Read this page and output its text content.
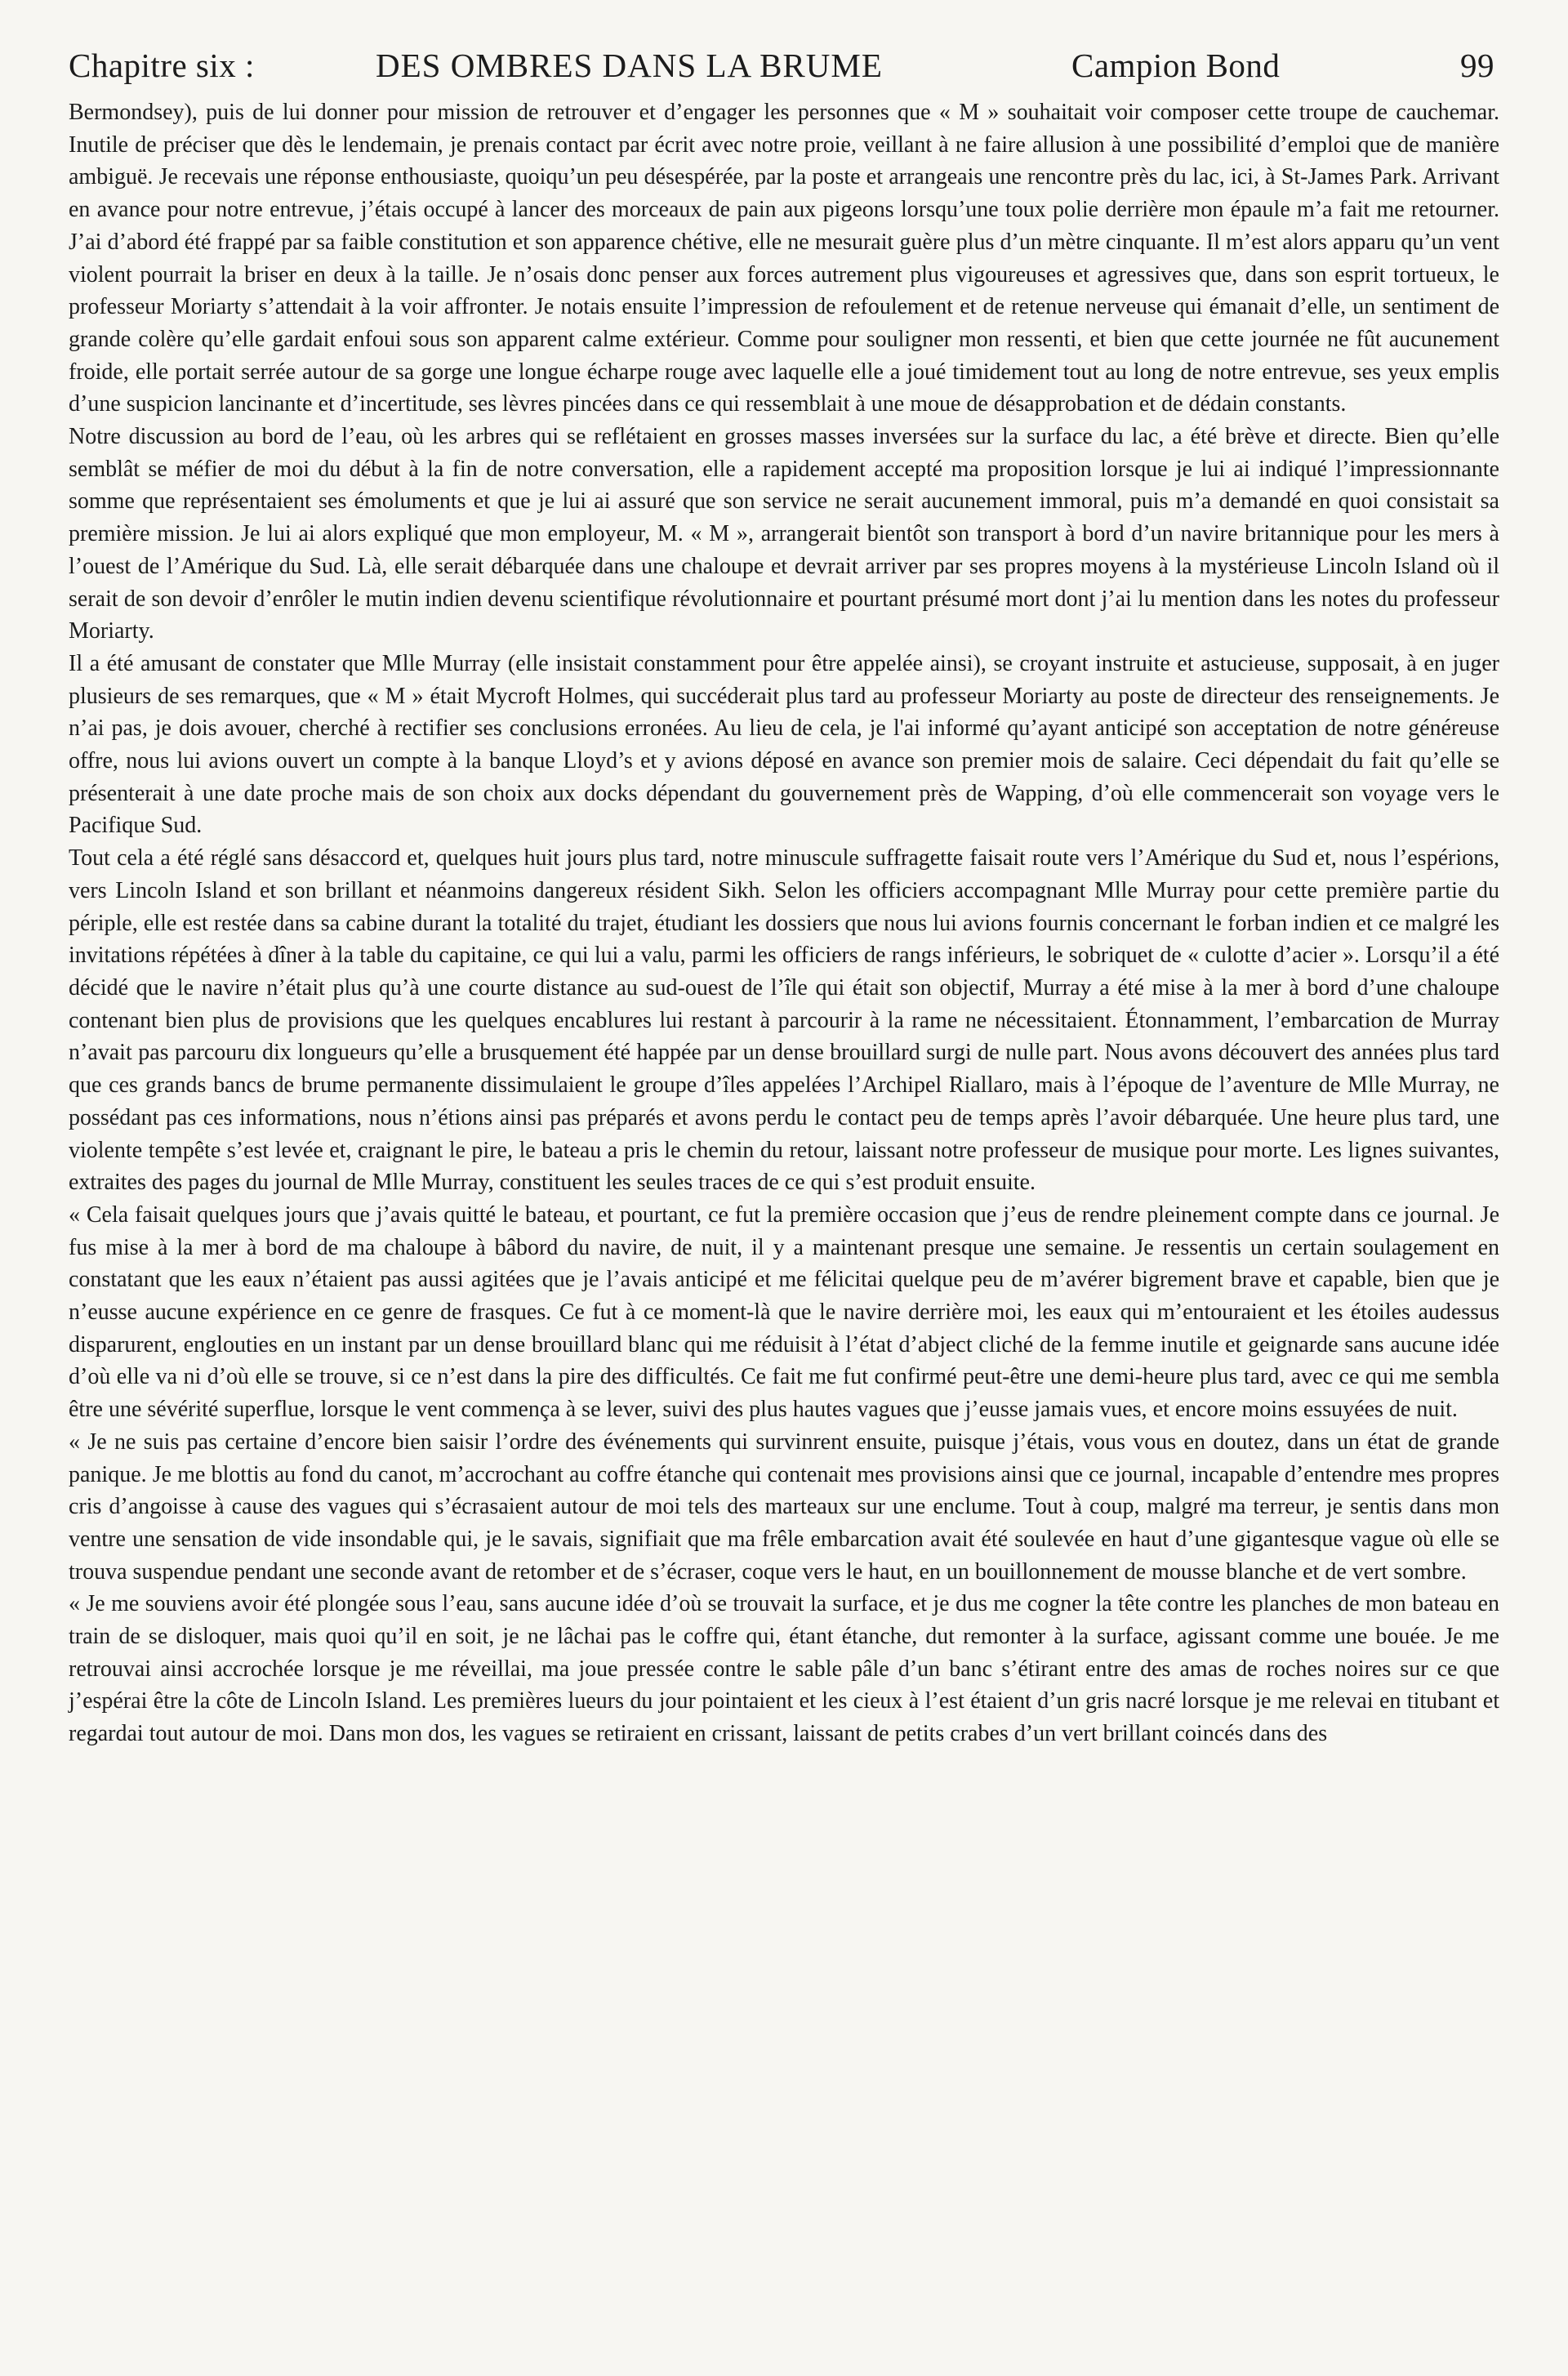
Chapitre six :	DES OMBRES DANS LA BRUME	Campion Bond	99

Bermondsey), puis de lui donner pour mission de retrouver et d’engager les personnes que « M » souhaitait voir composer cette troupe de cauchemar. Inutile de préciser que dès le lendemain, je prenais contact par écrit avec notre proie, veillant à ne faire allusion à une possibilité d’emploi que de manière ambiguë. Je recevais une réponse enthousiaste, quoiqu’un peu désespérée, par la poste et arrangeais une rencontre près du lac, ici, à St-James Park. Arrivant en avance pour notre entrevue, j’étais occupé à lancer des morceaux de pain aux pigeons lorsqu’une toux polie derrière mon épaule m’a fait me retourner. J’ai d’abord été frappé par sa faible constitution et son apparence chétive, elle ne mesurait guère plus d’un mètre cinquante. Il m’est alors apparu qu’un vent violent pourrait la briser en deux à la taille. Je n’osais donc penser aux forces autrement plus vigoureuses et agressives que, dans son esprit tortueux, le professeur Moriarty s’attendait à la voir affronter. Je notais ensuite l’impression de refoulement et de retenue nerveuse qui émanait d’elle, un sentiment de grande colère qu’elle gardait enfoui sous son apparent calme extérieur. Comme pour souligner mon ressenti, et bien que cette journée ne fût aucunement froide, elle portait serrée autour de sa gorge une longue écharpe rouge avec laquelle elle a joué timidement tout au long de notre entrevue, ses yeux emplis d’une suspicion lancinante et d’incertitude, ses lèvres pincées dans ce qui ressemblait à une moue de désapprobation et de dédain constants.

Notre discussion au bord de l’eau, où les arbres qui se reflétaient en grosses masses inversées sur la surface du lac, a été brève et directe. Bien qu’elle semblât se méfier de moi du début à la fin de notre conversation, elle a rapidement accepté ma proposition lorsque je lui ai indiqué l’impressionnante somme que représentaient ses émoluments et que je lui ai assuré que son service ne serait aucunement immoral, puis m’a demandé en quoi consistait sa première mission. Je lui ai alors expliqué que mon employeur, M. « M », arrangerait bientôt son transport à bord d’un navire britannique pour les mers à l’ouest de l’Amérique du Sud. Là, elle serait débarquée dans une chaloupe et devrait arriver par ses propres moyens à la mystérieuse Lincoln Island où il serait de son devoir d’enrôler le mutin indien devenu scientifique révolutionnaire et pourtant présumé mort dont j’ai lu mention dans les notes du professeur Moriarty.

Il a été amusant de constater que Mlle Murray (elle insistait constamment pour être appelée ainsi), se croyant instruite et astucieuse, supposait, à en juger plusieurs de ses remarques, que « M » était Mycroft Holmes, qui succéderait plus tard au professeur Moriarty au poste de directeur des renseignements. Je n’ai pas, je dois avouer, cherché à rectifier ses conclusions erronées. Au lieu de cela, je l'ai informé qu’ayant anticipé son acceptation de notre généreuse offre, nous lui avions ouvert un compte à la banque Lloyd’s et y avions déposé en avance son premier mois de salaire. Ceci dépendait du fait qu’elle se présenterait à une date proche mais de son choix aux docks dépendant du gouvernement près de Wapping, d’où elle commencerait son voyage vers le Pacifique Sud.

Tout cela a été réglé sans désaccord et, quelques huit jours plus tard, notre minuscule suffragette faisait route vers l’Amérique du Sud et, nous l’espérions, vers Lincoln Island et son brillant et néanmoins dangereux résident Sikh. Selon les officiers accompagnant Mlle Murray pour cette première partie du périple, elle est restée dans sa cabine durant la totalité du trajet, étudiant les dossiers que nous lui avions fournis concernant le forban indien et ce malgré les invitations répétées à dîner à la table du capitaine, ce qui lui a valu, parmi les officiers de rangs inférieurs, le sobriquet de « culotte d’acier ». Lorsqu’il a été décidé que le navire n’était plus qu’à une courte distance au sud-ouest de l’île qui était son objectif, Murray a été mise à la mer à bord d’une chaloupe contenant bien plus de provisions que les quelques encablures lui restant à parcourir à la rame ne nécessitaient. Étonnamment, l’embarcation de Murray n’avait pas parcouru dix longueurs qu’elle a brusquement été happée par un dense brouillard surgi de nulle part. Nous avons découvert des années plus tard que ces grands bancs de brume permanente dissimulaient le groupe d’îles appelées l’Archipel Riallaro, mais à l’époque de l’aventure de Mlle Murray, ne possédant pas ces informations, nous n’étions ainsi pas préparés et avons perdu le contact peu de temps après l’avoir débarquée. Une heure plus tard, une violente tempête s’est levée et, craignant le pire, le bateau a pris le chemin du retour, laissant notre professeur de musique pour morte. Les lignes suivantes, extraites des pages du journal de Mlle Murray, constituent les seules traces de ce qui s’est produit ensuite.

« Cela faisait quelques jours que j’avais quitté le bateau, et pourtant, ce fut la première occasion que j’eus de rendre pleinement compte dans ce journal. Je fus mise à la mer à bord de ma chaloupe à bâbord du navire, de nuit, il y a maintenant presque une semaine. Je ressentis un certain soulagement en constatant que les eaux n’étaient pas aussi agitées que je l’avais anticipé et me félicitai quelque peu de m’avérer bigrement brave et capable, bien que je n’eusse aucune expérience en ce genre de frasques. Ce fut à ce moment-là que le navire derrière moi, les eaux qui m’entouraient et les étoiles audessus disparurent, englouties en un instant par un dense brouillard blanc qui me réduisit à l’état d’abject cliché de la femme inutile et geignarde sans aucune idée d’où elle va ni d’où elle se trouve, si ce n’est dans la pire des difficultés. Ce fait me fut confirmé peut-être une demi-heure plus tard, avec ce qui me sembla être une sévérité superflue, lorsque le vent commença à se lever, suivi des plus hautes vagues que j’eusse jamais vues, et encore moins essuyées de nuit.

« Je ne suis pas certaine d’encore bien saisir l’ordre des événements qui survinrent ensuite, puisque j’étais, vous vous en doutez, dans un état de grande panique. Je me blottis au fond du canot, m’accrochant au coffre étanche qui contenait mes provisions ainsi que ce journal, incapable d’entendre mes propres cris d’angoisse à cause des vagues qui s’écrasaient autour de moi tels des marteaux sur une enclume. Tout à coup, malgré ma terreur, je sentis dans mon ventre une sensation de vide insondable qui, je le savais, signifiait que ma frêle embarcation avait été soulevée en haut d’une gigantesque vague où elle se trouva suspendue pendant une seconde avant de retomber et de s’écraser, coque vers le haut, en un bouillonnement de mousse blanche et de vert sombre.

« Je me souviens avoir été plongée sous l’eau, sans aucune idée d’où se trouvait la surface, et je dus me cogner la tête contre les planches de mon bateau en train de se disloquer, mais quoi qu’il en soit, je ne lâchai pas le coffre qui, étant étanche, dut remonter à la surface, agissant comme une bouée. Je me retrouvai ainsi accrochée lorsque je me réveillai, ma joue pressée contre le sable pâle d’un banc s’étirant entre des amas de roches noires sur ce que j’espérai être la côte de Lincoln Island. Les premières lueurs du jour pointaient et les cieux à l’est étaient d’un gris nacré lorsque je me relevai en titubant et regardai tout autour de moi. Dans mon dos, les vagues se retiraient en crissant, laissant de petits crabes d’un vert brillant coincés dans des
